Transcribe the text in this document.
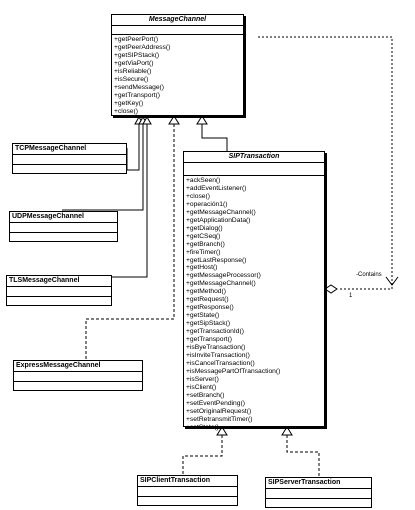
MessageChannel
+getPeerPort()
+getPeerAddress()
+getSIPStack()
+getViaPort()
+isReliable()
+isSecure()
+sendMessage()
+getTransport()
+getKey()
+close()
TCPMessageChannel
UDPMessageChannel
TLSMessageChannel
ExpressMessageChannel
SIPTransaction
+ackSeen()
+addEventListener()
+close()
+operación1()
+getMessageChannel()
+getApplicationData()
+getDialog()
+getCSeq()
+getBranch()
+fireTimer()
+getLastResponse()
+getHost()
+getMessageProcessor()
+getMessageChannel()
+getMethod()
+getRequest()
+getResponse()
+getState()
+getSipStack()
+getTransactionId()
+getTransport()
+isByeTransaction()
+isInviteTransaction()
+isCancelTransaction()
+isMessagePartOfTransaction()
+isServer()
+isClient()
+setBranch()
+setEventPending()
+setOriginalRequest()
+setRetransmitTimer()
+setState()
SIPClientTransaction	SIPServerTransaction
-Contains
1
